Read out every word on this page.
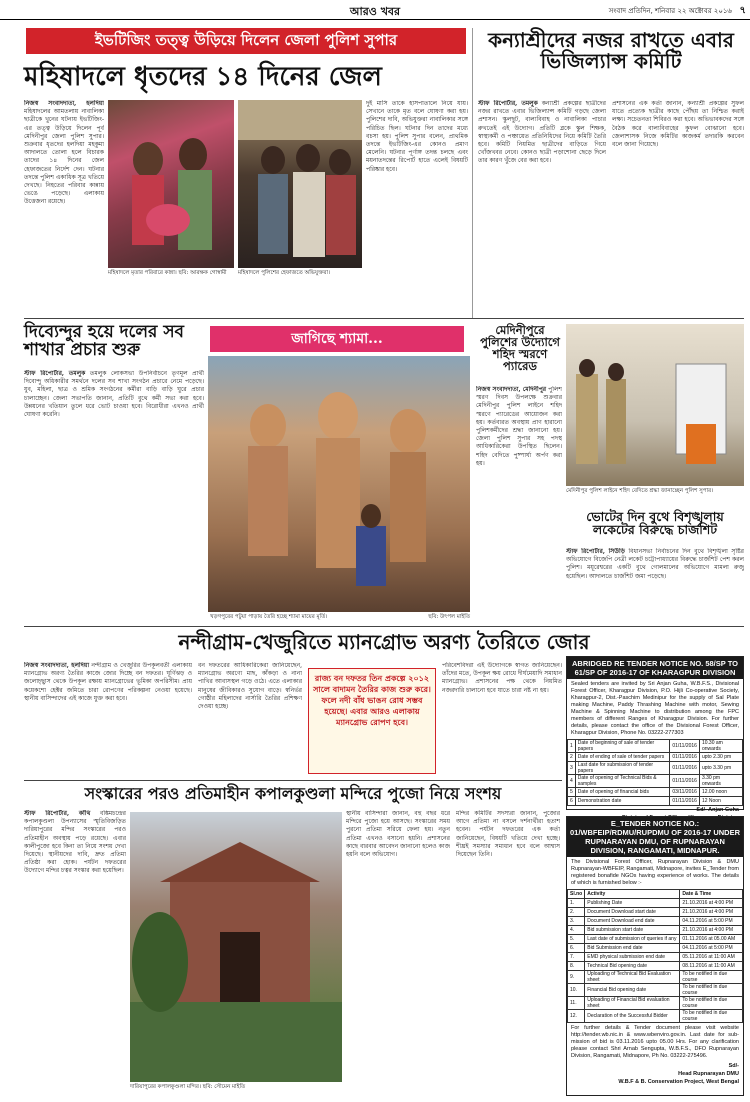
আরও খবর	সংবাদ প্রতিদিন, শনিবার ২২ অক্টোবর ২০১৬ ৭
ইভটিজিং তত্ত্ব উড়িয়ে দিলেন জেলা পুলিশ সুপার
মহিষাদলে ধৃতদের ১৪ দিনের জেল
নিজস্ব সংবাদদাতা, হলদিয়া মহিষাদলের আমতলায় নাবালিকা ছাত্রীকে খুনের ঘটনায় ইভটিজিং-এর তত্ত্ব উড়িয়ে দিলেন পূর্ব মেদিনীপুর জেলা পুলিশ সুপার। শুক্রবার ধৃতদের হলদিয়া মহকুমা আদালতে তোলা হলে বিচারক তাদের ১৪ দিনের জেল হেফাজতের নির্দেশ দেন। ঘটনার তদন্তে পুলিশ একাধিক সূত্র খতিয়ে দেখছে। নিহতের পরিবার কান্নায় ভেঙে পড়েছে। এলাকায় উত্তেজনা রয়েছে।
মহিষাদলে মৃতার পরিবারে কান্না। ছবি: আরক্ষক গোস্বামী	মহিষাদলে পুলিশের হেফাজতে অভিযুক্তরা।
দুই মাসি তাকে হাসপাতালে নিয়ে যায়। সেখানে তাকে মৃত বলে ঘোষণা করা হয়। পুলিশের দাবি, অভিযুক্তরা নাবালিকার সঙ্গে পরিচিত ছিল। ঘটনার দিন তাদের মধ্যে বচসা হয়। পুলিশ সুপার বলেন, প্রাথমিক তদন্তে ইভটিজিং-এর কোনও প্রমাণ মেলেনি। ঘটনার পূর্ণাঙ্গ তদন্ত চলছে এবং ময়নাতদন্তের রিপোর্ট হাতে এলেই বিষয়টি পরিষ্কার হবে।
কন্যাশ্রীদের নজর রাখতে এবার ভিজিল্যান্স কমিটি
স্টাফ রিপোর্টার, তমলুক কন্যাশ্রী প্রকল্পের ছাত্রীদের নজর রাখতে এবার ভিজিল্যান্স কমিটি গড়ছে জেলা প্রশাসন। স্কুলছুট, বাল্যবিবাহ ও নাবালিকা পাচার রুখতেই এই উদ্যোগ। প্রতিটি ব্লকে স্কুল শিক্ষক, স্বাস্থ্যকর্মী ও পঞ্চায়েত প্রতিনিধিদের নিয়ে কমিটি তৈরি হবে। কমিটি নিয়মিত ছাত্রীদের বাড়িতে গিয়ে খোঁজখবর নেবে। কোনও ছাত্রী পড়াশোনা ছেড়ে দিলে তার কারণ খুঁজে বের করা হবে।
প্রশাসনের এক কর্তা জানান, কন্যাশ্রী প্রকল্পের সুফল যাতে প্রত্যেক ছাত্রীর কাছে পৌঁছয় তা নিশ্চিত করাই লক্ষ্য। সচেতনতা শিবিরও করা হবে। অভিভাবকদের সঙ্গে বৈঠক করে বাল্যবিবাহের কুফল বোঝানো হবে। জেলাশাসক নিজে কমিটির কাজকর্ম তদারকি করবেন বলে জানা গিয়েছে।
দিব্যেন্দুর হয়ে দলের সব শাখার প্রচার শুরু
স্টাফ রিপোর্টার, তমলুক তমলুক লোকসভা উপনির্বাচনে তৃণমূল প্রার্থী দিব্যেন্দু অধিকারীর সমর্থনে দলের সব শাখা সংগঠন প্রচারে নেমে পড়েছে। যুব, মহিলা, ছাত্র ও শ্রমিক সংগঠনের কর্মীরা বাড়ি বাড়ি ঘুরে প্রচার চালাচ্ছেন। জেলা সভাপতি জানান, প্রতিটি বুথে কর্মী সভা করা হবে। উন্নয়নের খতিয়ান তুলে ধরে ভোট চাওয়া হবে। বিরোধীরা এখনও প্রার্থী ঘোষণা করেনি।
জাগিছে শ্যামা...
খড়গপুরের পটুয়া পাড়ায় তৈরি হচ্ছে শ্যামা মায়ের মূর্তি।	ছবি: উৎপল মাইতি
মেদিনীপুরে পুলিশের উদ্যোগে শহিদ স্মরণে প্যারেড
নিজস্ব সংবাদদাতা, মেদিনীপুর পুলিশ স্মরণ দিবস উপলক্ষে শুক্রবার মেদিনীপুর পুলিশ লাইনে শহিদ স্মরণে প্যারেডের আয়োজন করা হয়। কর্তব্যরত অবস্থায় প্রাণ হারানো পুলিশকর্মীদের শ্রদ্ধা জানানো হয়। জেলা পুলিশ সুপার সহ পদস্থ আধিকারিকেরা উপস্থিত ছিলেন। শহিদ বেদিতে পুষ্পার্ঘ্য অর্পণ করা হয়।
মেদিনীপুর পুলিশ লাইনে শহিদ বেদিতে শ্রদ্ধা জানাচ্ছেন পুলিশ সুপার।
ভোটের দিন বুথে বিশৃঙ্খলায় লকেটের বিরুদ্ধে চার্জশিট
স্টাফ রিপোর্টার, সিউড়ি বিধানসভা নির্বাচনের দিন বুথে বিশৃঙ্খলা সৃষ্টির অভিযোগে বিজেপি নেত্রী লকেট চট্টোপাধ্যায়ের বিরুদ্ধে চার্জশিট পেশ করল পুলিশ। ময়ূরেশ্বরের একটি বুথে গোলমালের অভিযোগে মামলা রুজু হয়েছিল। আদালতে চার্জশিট জমা পড়েছে।
নন্দীগ্রাম-খেজুরিতে ম্যানগ্রোভ অরণ্য তৈরিতে জোর
নিজস্ব সংবাদদাতা, হলদিয়া নন্দীগ্রাম ও খেজুরির উপকূলবর্তী এলাকায় ম্যানগ্রোভ অরণ্য তৈরির কাজে জোর দিচ্ছে বন দফতর। ঘূর্ণিঝড় ও জলোচ্ছ্বাস থেকে উপকূল রক্ষায় ম্যানগ্রোভের ভূমিকা অপরিসীম। প্রায় কয়েকশো হেক্টর জমিতে চারা রোপণের পরিকল্পনা নেওয়া হয়েছে। স্থানীয় বাসিন্দাদের এই কাজে যুক্ত করা হবে।
রাজ্য বন দফতর তিন প্রকল্পে ২০১২ সালে বাদামন তৈরির কাজ শুরু করে। ফলে নদী বাঁধ ভাঙন রোধ সম্ভব হয়েছে। এবার আরও এলাকায় ম্যানগ্রোভ রোপণ হবে।
বন দফতরের আধিকারিকেরা জানিয়েছেন, ম্যানগ্রোভ অরণ্যে মাছ, কাঁকড়া ও নানা পাখির আবাসস্থল গড়ে ওঠে। এতে এলাকার মানুষের জীবিকারও সুযোগ বাড়ে। স্বনির্ভর গোষ্ঠীর মহিলাদের নার্সারি তৈরির প্রশিক্ষণ দেওয়া হচ্ছে।
পরিবেশবিদরা এই উদ্যোগকে স্বাগত জানিয়েছেন। তাঁদের মতে, উপকূল ক্ষয় রোধে দীর্ঘমেয়াদি সমাধান ম্যানগ্রোভ। প্রশাসনের পক্ষ থেকে নিয়মিত নজরদারি চালানো হবে যাতে চারা নষ্ট না হয়।
ABRIDGED RE TENDER NOTICE NO. 58/SP TO 61/SP OF 2016-17 OF KHARAGPUR DIVISION
Sealed tenders are invited by Sri Anjan Guha, W.B.F.S., Divisional Forest Officer, Kharagpur Division, P.O. Hijli Co-operative Society, Kharagpur-2, Dist.-Paschim Medinipur for the supply of Sal Plate making Machine, Paddy Thrashing Machine with motor, Sewing Machine & Spinning Machine to distribution among the FPC members of different Ranges of Kharagpur Division. For further details, please contact the office of the Divisional Forest Officer, Kharagpur Division, Phone No. 03222-277303
1	Date of beginning of sale of tender papers	01/11/2016	10.30 am onwards
2	Date of ending of sale of tender papers	01/11/2016	upto 2.30 pm
3	Last date for submission of tender papers	01/11/2016	upto 3.30 pm
4	Date of opening of Technical Bids & samples	01/11/2016	3.30 pm onwards
5	Date of opening of financial bids	03/11/2016	12.00 noon
6	Demonstration date	01/11/2016	12 Noon
Sd/- Anjan Guha
সংস্কারের পরও প্রতিমাহীন কপালকুণ্ডলা মন্দিরে পুজো নিয়ে সংশয়
স্টাফ রিপোর্টার, কাঁথি বঙ্কিমচন্দ্রের কপালকুণ্ডলা উপন্যাসের স্মৃতিবিজড়িত দারিয়াপুরের মন্দির সংস্কারের পরও প্রতিমাহীন অবস্থায় পড়ে রয়েছে। এবার কালীপুজো হবে কিনা তা নিয়ে সংশয় দেখা দিয়েছে। স্থানীয়দের দাবি, দ্রুত প্রতিমা প্রতিষ্ঠা করা হোক। পর্যটন দফতরের উদ্যোগে মন্দির চত্বর সংস্কার করা হয়েছিল।
দারিয়াপুরের কপালকুণ্ডলা মন্দির। ছবি: সৌমেন মাইতি
স্থানীয় বাসিন্দারা জানান, বহু বছর ধরে মন্দিরে পুজো হয়ে আসছে। সংস্কারের সময় পুরনো প্রতিমা সরিয়ে ফেলা হয়। নতুন প্রতিমা এখনও বসানো হয়নি। প্রশাসনের কাছে বারবার আবেদন জানানো হলেও কাজ হয়নি বলে অভিযোগ।
মন্দির কমিটির সদস্যরা জানান, পুজোর আগে প্রতিমা না বসলে দর্শনার্থীরা হতাশ হবেন। পর্যটন দফতরের এক কর্তা জানিয়েছেন, বিষয়টি খতিয়ে দেখা হচ্ছে। শীঘ্রই সমস্যার সমাধান হবে বলে আশ্বাস দিয়েছেন তিনি।
E_TENDER NOTICE NO.: 01/WBFEIP/RDMU/RUPDMU OF 2016-17 UNDER RUPNARAYAN DMU, OF RUPNARAYAN DIVISION, RANGAMATI, MIDNAPUR.
The Divisional Forest Officer, Rupnarayan Division & DMU Rupnarayan-WBFEIP, Rangamati, Midnapore, invites E_Tender from registered bonafide NGOs having experience of works. The details of which is furnished below :-
Sl.no	Activity	Date & Time
1.	Publishing Date	21.10.2016 at 4:00 PM
2.	Document Download start date	21.10.2016 at 4:00 PM
3.	Document Download end date	04.11.2016 at 5:00 PM
4.	Bid submission start date	21.10.2016 at 4:00 PM
5.	Last date of submission of queries if any	01.11.2016 at 05.00 AM
6.	Bid Submission end date	04.11.2016 at 5:00 PM
7.	EMD physical submission end date	05.11.2016 at 11:00 AM
8.	Technical Bid opening date	08.11.2016 at 11:00 AM
9.	Uploading of Technical Bid Evaluation sheet	To be notified in due course
10.	Financial Bid opening date	To be notified in due course
11.	Uploading of Financial Bid evaluation sheet	To be notified in due course
12.	Declaration of the Successful Bidder	To be notified in due course
For further details & Tender document please visit website http://tender.wb.nic.in & www.wbenviro.gov.in. Last date for sub-mission of bid is 03.11.2016 upto 05.00 Hrs. For any clarification please contact Shri Arnab Sengupta, W.B.F.S., DFO Rupnarayan Division, Rangamati, Midnapore, Ph No. 03222-275496.
Sd/-
Head Rupnarayan DMU
W.B.F & B. Conservation Project, West Bengal
